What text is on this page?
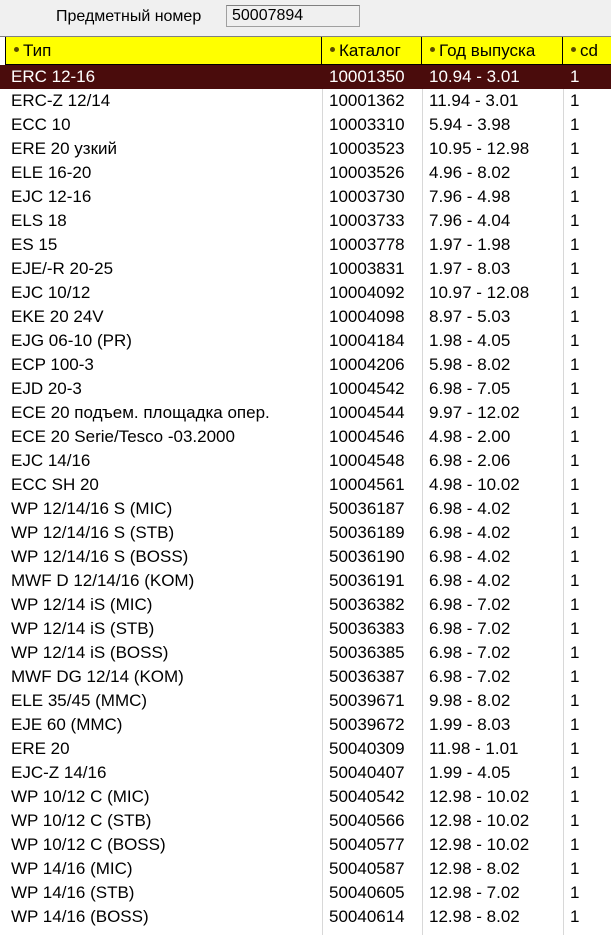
Предметный номер	50007894
Тип	Каталог	Год выпуска	cd
ERC 12-16	10001350	10.94 - 3.01	1
ERC-Z 12/14	10001362	11.94 - 3.01	1
ECC 10	10003310	5.94 - 3.98	1
ERE 20 узкий	10003523	10.95 - 12.98	1
ELE 16-20	10003526	4.96 - 8.02	1
EJC 12-16	10003730	7.96 - 4.98	1
ELS 18	10003733	7.96 - 4.04	1
ES 15	10003778	1.97 - 1.98	1
EJE/-R 20-25	10003831	1.97 - 8.03	1
EJC 10/12	10004092	10.97 - 12.08	1
EKE 20 24V	10004098	8.97 - 5.03	1
EJG 06-10 (PR)	10004184	1.98 - 4.05	1
ECP 100-3	10004206	5.98 - 8.02	1
EJD 20-3	10004542	6.98 - 7.05	1
ECE 20 подъем. площадка опер.	10004544	9.97 - 12.02	1
ECE 20 Serie/Tesco -03.2000	10004546	4.98 - 2.00	1
EJC 14/16	10004548	6.98 - 2.06	1
ECC SH 20	10004561	4.98 - 10.02	1
WP 12/14/16 S (MIC)	50036187	6.98 - 4.02	1
WP 12/14/16 S (STB)	50036189	6.98 - 4.02	1
WP 12/14/16 S (BOSS)	50036190	6.98 - 4.02	1
MWF D 12/14/16 (KOM)	50036191	6.98 - 4.02	1
WP 12/14 iS (MIC)	50036382	6.98 - 7.02	1
WP 12/14 iS (STB)	50036383	6.98 - 7.02	1
WP 12/14 iS (BOSS)	50036385	6.98 - 7.02	1
MWF DG 12/14 (KOM)	50036387	6.98 - 7.02	1
ELE 35/45 (MMC)	50039671	9.98 - 8.02	1
EJE 60 (MMC)	50039672	1.99 - 8.03	1
ERE 20	50040309	11.98 - 1.01	1
EJC-Z 14/16	50040407	1.99 - 4.05	1
WP 10/12 C (MIC)	50040542	12.98 - 10.02	1
WP 10/12 C (STB)	50040566	12.98 - 10.02	1
WP 10/12 C (BOSS)	50040577	12.98 - 10.02	1
WP 14/16 (MIC)	50040587	12.98 - 8.02	1
WP 14/16 (STB)	50040605	12.98 - 7.02	1
WP 14/16 (BOSS)	50040614	12.98 - 8.02	1
